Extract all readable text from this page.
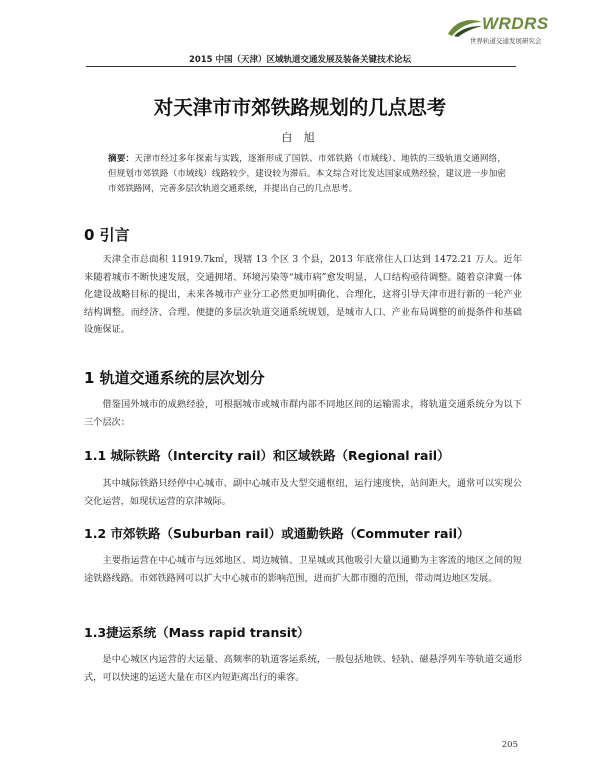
WRDRS
世界轨道交通发展研究会
2015 中国（天津）区域轨道交通发展及装备关键技术论坛
对天津市市郊铁路规划的几点思考
白 旭
摘要：天津市经过多年探索与实践，逐渐形成了国铁、市郊铁路（市域线）、地铁的三级轨道交通网络，但规划市郊铁路（市域线）线路较少，建设较为滞后。本文综合对比发达国家成熟经验，建议进一步加密市郊铁路网，完善多层次轨道交通系统，并提出自己的几点思考。
0 引言
天津全市总面积 11919.7k㎡，现辖 13 个区 3 个县，2013 年底常住人口达到 1472.21 万人。近年来随着城市不断快速发展，交通拥堵、环境污染等“城市病”愈发明显，人口结构亟待调整。随着京津冀一体化建设战略目标的提出，未来各城市产业分工必然更加明确化、合理化，这将引导天津市进行新的一轮产业结构调整。而经济、合理、便捷的多层次轨道交通系统规划，是城市人口、产业布局调整的前提条件和基础设施保证。
1 轨道交通系统的层次划分
借鉴国外城市的成熟经验，可根据城市或城市群内部不同地区间的运输需求，将轨道交通系统分为以下三个层次：
1.1 城际铁路（Intercity rail）和区域铁路（Regional rail）
其中城际铁路只经停中心城市、副中心城市及大型交通枢纽，运行速度快，站间距大，通常可以实现公交化运营，如现状运营的京津城际。
1.2 市郊铁路（Suburban rail）或通勤铁路（Commuter rail）
主要指运营在中心城市与远郊地区、周边城镇、卫星城或其他吸引大量以通勤为主客流的地区之间的短途铁路线路。市郊铁路网可以扩大中心城市的影响范围，进而扩大都市圈的范围，带动周边地区发展。
1.3捷运系统（Mass rapid transit）
是中心城区内运营的大运量、高频率的轨道客运系统，一般包括地铁、轻轨、磁悬浮列车等轨道交通形式，可以快速的运送大量在市区内短距离出行的乘客。
205
